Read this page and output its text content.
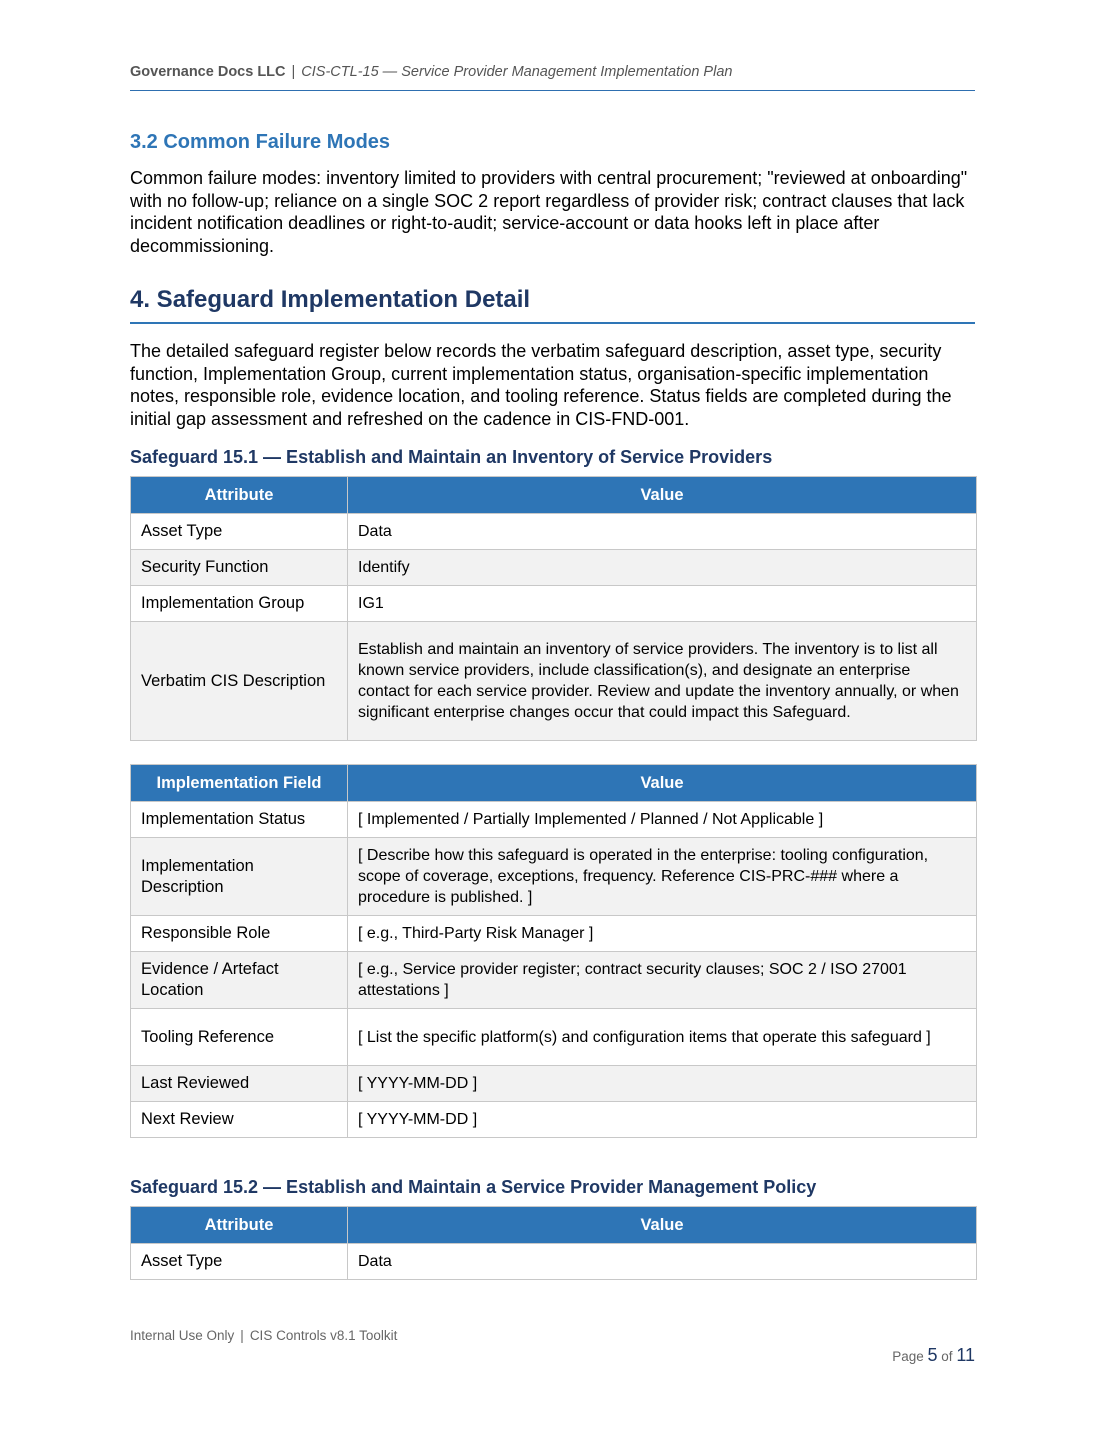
Governance Docs LLC | CIS-CTL-15 — Service Provider Management Implementation Plan
3.2 Common Failure Modes
Common failure modes: inventory limited to providers with central procurement; "reviewed at onboarding" with no follow-up; reliance on a single SOC 2 report regardless of provider risk; contract clauses that lack incident notification deadlines or right-to-audit; service-account or data hooks left in place after decommissioning.
4. Safeguard Implementation Detail
The detailed safeguard register below records the verbatim safeguard description, asset type, security function, Implementation Group, current implementation status, organisation-specific implementation notes, responsible role, evidence location, and tooling reference. Status fields are completed during the initial gap assessment and refreshed on the cadence in CIS-FND-001.
Safeguard 15.1 — Establish and Maintain an Inventory of Service Providers
Attribute	Value
Asset Type	Data
Security Function	Identify
Implementation Group	IG1
Verbatim CIS Description	Establish and maintain an inventory of service providers. The inventory is to list all known service providers, include classification(s), and designate an enterprise contact for each service provider. Review and update the inventory annually, or when significant enterprise changes occur that could impact this Safeguard.
Implementation Field	Value
Implementation Status	[ Implemented / Partially Implemented / Planned / Not Applicable ]
Implementation Description	[ Describe how this safeguard is operated in the enterprise: tooling configuration, scope of coverage, exceptions, frequency. Reference CIS-PRC-### where a procedure is published. ]
Responsible Role	[ e.g., Third-Party Risk Manager ]
Evidence / Artefact Location	[ e.g., Service provider register; contract security clauses; SOC 2 / ISO 27001 attestations ]
Tooling Reference	[ List the specific platform(s) and configuration items that operate this safeguard ]
Last Reviewed	[ YYYY-MM-DD ]
Next Review	[ YYYY-MM-DD ]
Safeguard 15.2 — Establish and Maintain a Service Provider Management Policy
Attribute	Value
Asset Type	Data
Internal Use Only | CIS Controls v8.1 Toolkit
Page 5 of 11
